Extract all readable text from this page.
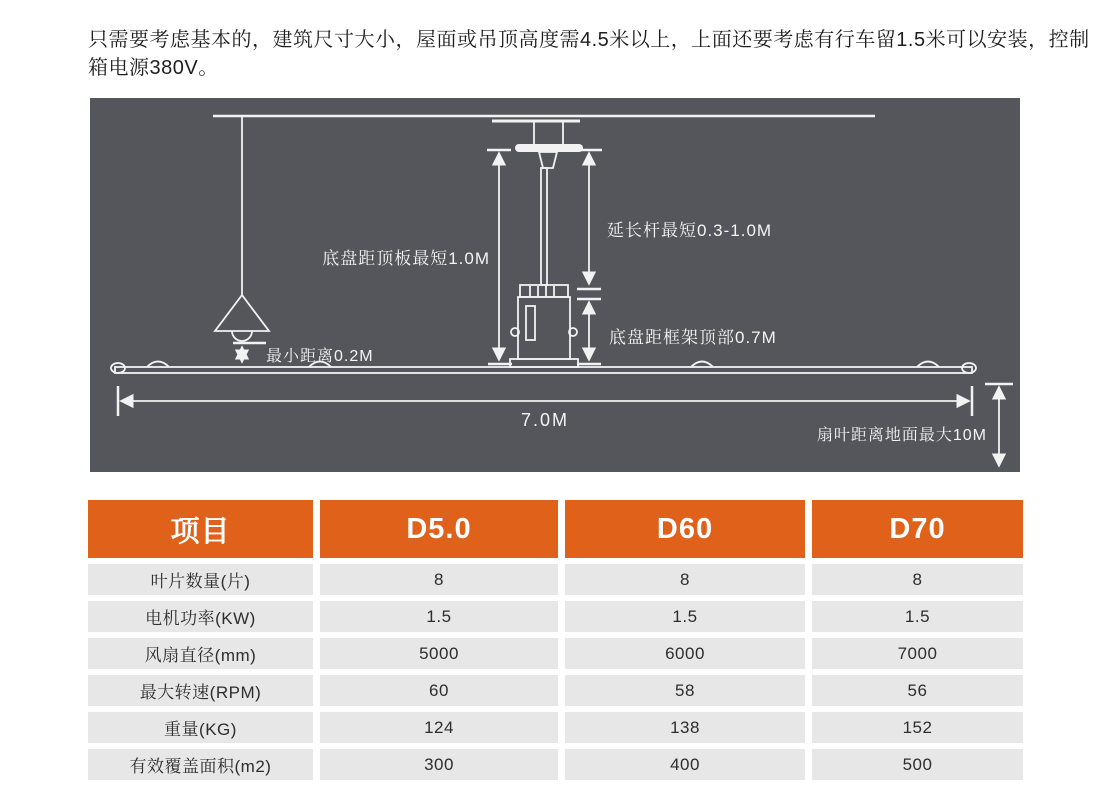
只需要考虑基本的，建筑尺寸大小，屋面或吊顶高度需4.5米以上，上面还要考虑有行车留1.5米可以安装，控制箱电源380V。

底盘距顶板最短1.0M
延长杆最短0.3-1.0M
底盘距框架顶部0.7M
最小距离0.2M
7.0M
扇叶距离地面最大10M
项目	D5.0	D60	D70
叶片数量(片)	8	8	8
电机功率(KW)	1.5	1.5	1.5
风扇直径(mm)	5000	6000	7000
最大转速(RPM)	60	58	56
重量(KG)	124	138	152
有效覆盖面积(m2)	300	400	500
